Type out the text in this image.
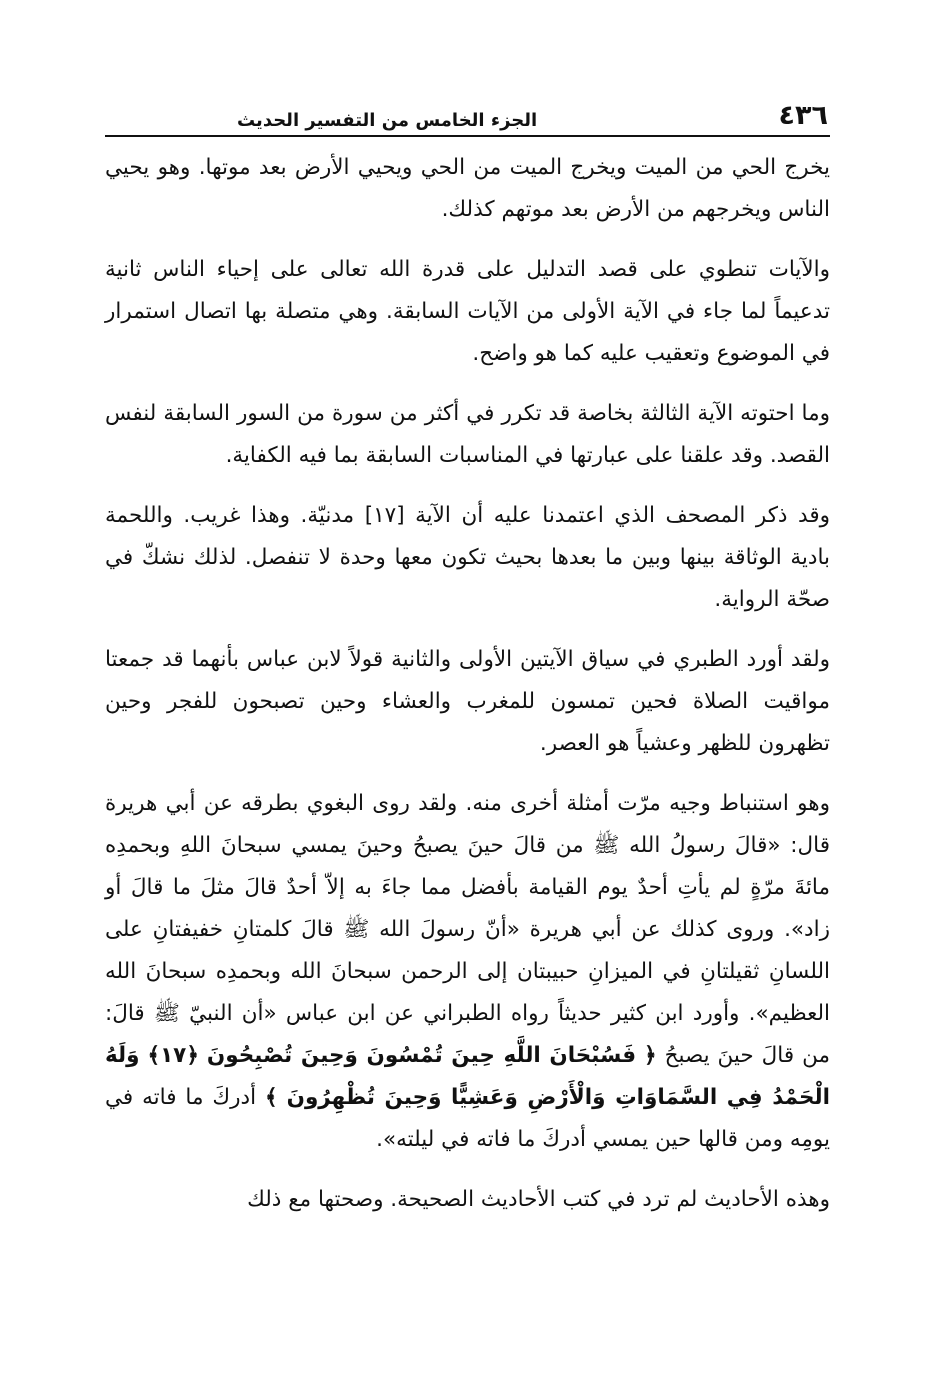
٤٣٦
الجزء الخامس من التفسير الحديث

يخرج الحي من الميت ويخرج الميت من الحي ويحيي الأرض بعد موتها. وهو يحيي الناس ويخرجهم من الأرض بعد موتهم كذلك.

والآيات تنطوي على قصد التدليل على قدرة الله تعالى على إحياء الناس ثانية تدعيماً لما جاء في الآية الأولى من الآيات السابقة. وهي متصلة بها اتصال استمرار في الموضوع وتعقيب عليه كما هو واضح.

وما احتوته الآية الثالثة بخاصة قد تكرر في أكثر من سورة من السور السابقة لنفس القصد. وقد علقنا على عبارتها في المناسبات السابقة بما فيه الكفاية.

وقد ذكر المصحف الذي اعتمدنا عليه أن الآية [١٧] مدنيّة. وهذا غريب. واللحمة بادية الوثاقة بينها وبين ما بعدها بحيث تكون معها وحدة لا تنفصل. لذلك نشكّ في صحّة الرواية.

ولقد أورد الطبري في سياق الآيتين الأولى والثانية قولاً لابن عباس بأنهما قد جمعتا مواقيت الصلاة فحين تمسون للمغرب والعشاء وحين تصبحون للفجر وحين تظهرون للظهر وعشياً هو العصر.

وهو استنباط وجيه مرّت أمثلة أخرى منه. ولقد روى البغوي بطرقه عن أبي هريرة قال: «قالَ رسولُ الله ﷺ من قالَ حينَ يصبحُ وحينَ يمسي سبحانَ اللهِ وبحمدِه مائةَ مرّةٍ لم يأتِ أحدٌ يوم القيامة بأفضل مما جاءَ به إلاّ أحدٌ قالَ مثلَ ما قالَ أو زاد». وروى كذلك عن أبي هريرة «أنّ رسولَ الله ﷺ قالَ كلمتانِ خفيفتانِ على اللسانِ ثقيلتانِ في الميزانِ حبيبتان إلى الرحمن سبحانَ الله وبحمدِه سبحانَ الله العظيم». وأورد ابن كثير حديثاً رواه الطبراني عن ابن عباس «أن النبيّ ﷺ قالَ: من قالَ حينَ يصبحُ ﴿ فَسُبْحَانَ اللَّهِ حِينَ تُمْسُونَ وَحِينَ تُصْبِحُونَ ﴿١٧﴾ وَلَهُ الْحَمْدُ فِي السَّمَاوَاتِ وَالْأَرْضِ وَعَشِيًّا وَحِينَ تُظْهِرُونَ ﴾ أدركَ ما فاته في يومِه ومن قالها حين يمسي أدركَ ما فاته في ليلته».

وهذه الأحاديث لم ترد في كتب الأحاديث الصحيحة. وصحتها مع ذلك
